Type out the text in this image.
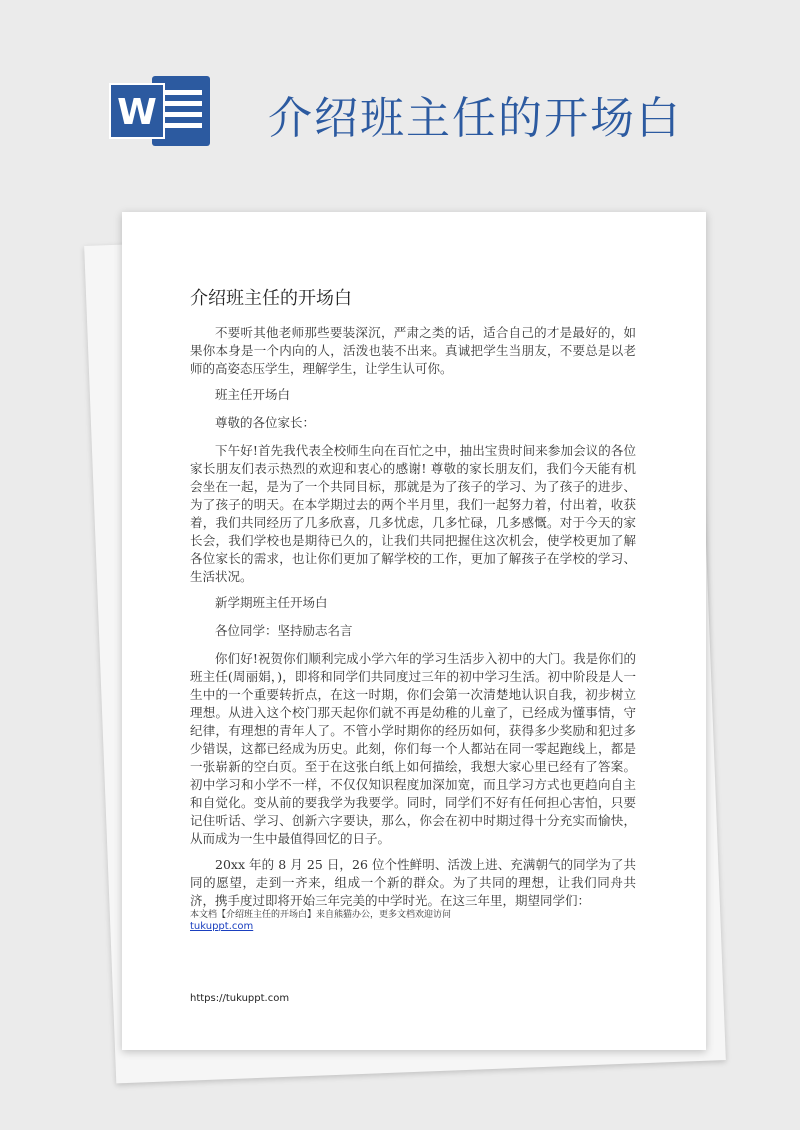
W	介绍班主任的开场白
介绍班主任的开场白

不要听其他老师那些要装深沉，严肃之类的话，适合自己的才是最好的，如果你本身是一个内向的人，活泼也装不出来。真诚把学生当朋友，不要总是以老师的高姿态压学生，理解学生，让学生认可你。

班主任开场白

尊敬的各位家长：

下午好!首先我代表全校师生向在百忙之中，抽出宝贵时间来参加会议的各位家长朋友们表示热烈的欢迎和衷心的感谢! 尊敬的家长朋友们，我们今天能有机会坐在一起，是为了一个共同目标，那就是为了孩子的学习、为了孩子的进步、为了孩子的明天。在本学期过去的两个半月里，我们一起努力着，付出着，收获着，我们共同经历了几多欣喜，几多忧虑，几多忙碌，几多感慨。对于今天的家长会，我们学校也是期待已久的，让我们共同把握住这次机会，使学校更加了解各位家长的需求，也让你们更加了解学校的工作，更加了解孩子在学校的学习、生活状况。

新学期班主任开场白

各位同学：坚持励志名言

你们好!祝贺你们顺利完成小学六年的学习生活步入初中的大门。我是你们的班主任(周丽娟，)，即将和同学们共同度过三年的初中学习生活。初中阶段是人一生中的一个重要转折点，在这一时期，你们会第一次清楚地认识自我，初步树立理想。从进入这个校门那天起你们就不再是幼稚的儿童了，已经成为懂事情，守纪律，有理想的青年人了。不管小学时期你的经历如何，获得多少奖励和犯过多少错误，这都已经成为历史。此刻，你们每一个人都站在同一零起跑线上，都是一张崭新的空白页。至于在这张白纸上如何描绘，我想大家心里已经有了答案。初中学习和小学不一样，不仅仅知识程度加深加宽，而且学习方式也更趋向自主和自觉化。变从前的要我学为我要学。同时，同学们不好有任何担心害怕，只要记住听话、学习、创新六字要诀，那么，你会在初中时期过得十分充实而愉快，从而成为一生中最值得回忆的日子。

20xx 年的 8 月 25 日，26 位个性鲜明、活泼上进、充满朝气的同学为了共同的愿望，走到一齐来，组成一个新的群众。为了共同的理想，让我们同舟共济，携手度过即将开始三年完美的中学时光。在这三年里，期望同学们：

本文档【介绍班主任的开场白】来自熊猫办公，更多文档欢迎访问
tukuppt.com
https://tukuppt.com
